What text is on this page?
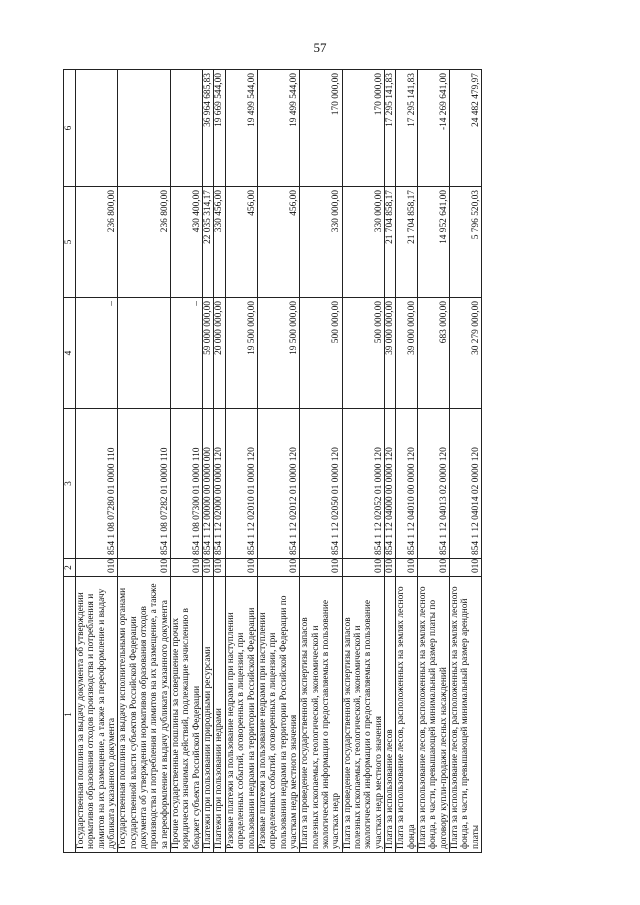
57
1	2	3	4	5	6
Государственная пошлина за выдачу документа об утверждении нормативов образования отходов производства и потребления и лимитов на их размещение, а также за переоформление и выдачу дубликата указанного документа	010	854 1 08 07280 01 0000 110	–	236 800,00	
Государственная пошлина за выдачу исполнительными органами государственной власти субъектов Российской Федерации документа об утверждении нормативов образования отходов производства и потребления и лимитов на их размещение, а также за переоформление и выдачу дубликата указанного документа	010	854 1 08 07282 01 0000 110		236 800,00	
Прочие государственные пошлины за совершение прочих юридически значимых действий, подлежащие зачислению в бюджет субъекта Российской Федерации	010	854 1 08 07300 01 0000 110	–	430 400,00	
Платежи при пользовании природными ресурсами	010	854 1 12 00000 00 0000 000	59 000 000,00	22 035 314,17	36 964 685,83
Платежи при пользовании недрами	010	854 1 12 02000 00 0000 120	20 000 000,00	330 456,00	19 669 544,00
Разовые платежи за пользование недрами при наступлении определенных событий, оговоренных в лицензии, при пользовании недрами на территории Российской Федерации	010	854 1 12 02010 01 0000 120	19 500 000,00	456,00	19 499 544,00
Разовые платежи за пользование недрами при наступлении определенных событий, оговоренных в лицензии, при пользовании недрами на территории Российской Федерации по участкам недр местного значения	010	854 1 12 02012 01 0000 120	19 500 000,00	456,00	19 499 544,00
Плата за проведение государственной экспертизы запасов полезных ископаемых, геологической, экономической и экологической информации о предоставляемых в пользование участках недр	010	854 1 12 02050 01 0000 120	500 000,00	330 000,00	170 000,00
Плата за проведение государственной экспертизы запасов полезных ископаемых, геологической, экономической и экологической информации о предоставляемых в пользование участках недр местного значения	010	854 1 12 02052 01 0000 120	500 000,00	330 000,00	170 000,00
Плата за использование лесов	010	854 1 12 04000 00 0000 120	39 000 000,00	21 704 858,17	17 295 141,83
Плата за использование лесов, расположенных на землях лесного фонда	010	854 1 12 04010 00 0000 120	39 000 000,00	21 704 858,17	17 295 141,83
Плата за использование лесов, расположенных на землях лесного фонда, в части, превышающей минимальный размер платы по договору купли-продажи лесных насаждений	010	854 1 12 04013 02 0000 120	683 000,00	14 952 641,00	-14 269 641,00
Плата за использование лесов, расположенных на землях лесного фонда, в части, превышающей минимальный размер арендной платы	010	854 1 12 04014 02 0000 120	30 279 000,00	5 796 520,03	24 482 479,97
